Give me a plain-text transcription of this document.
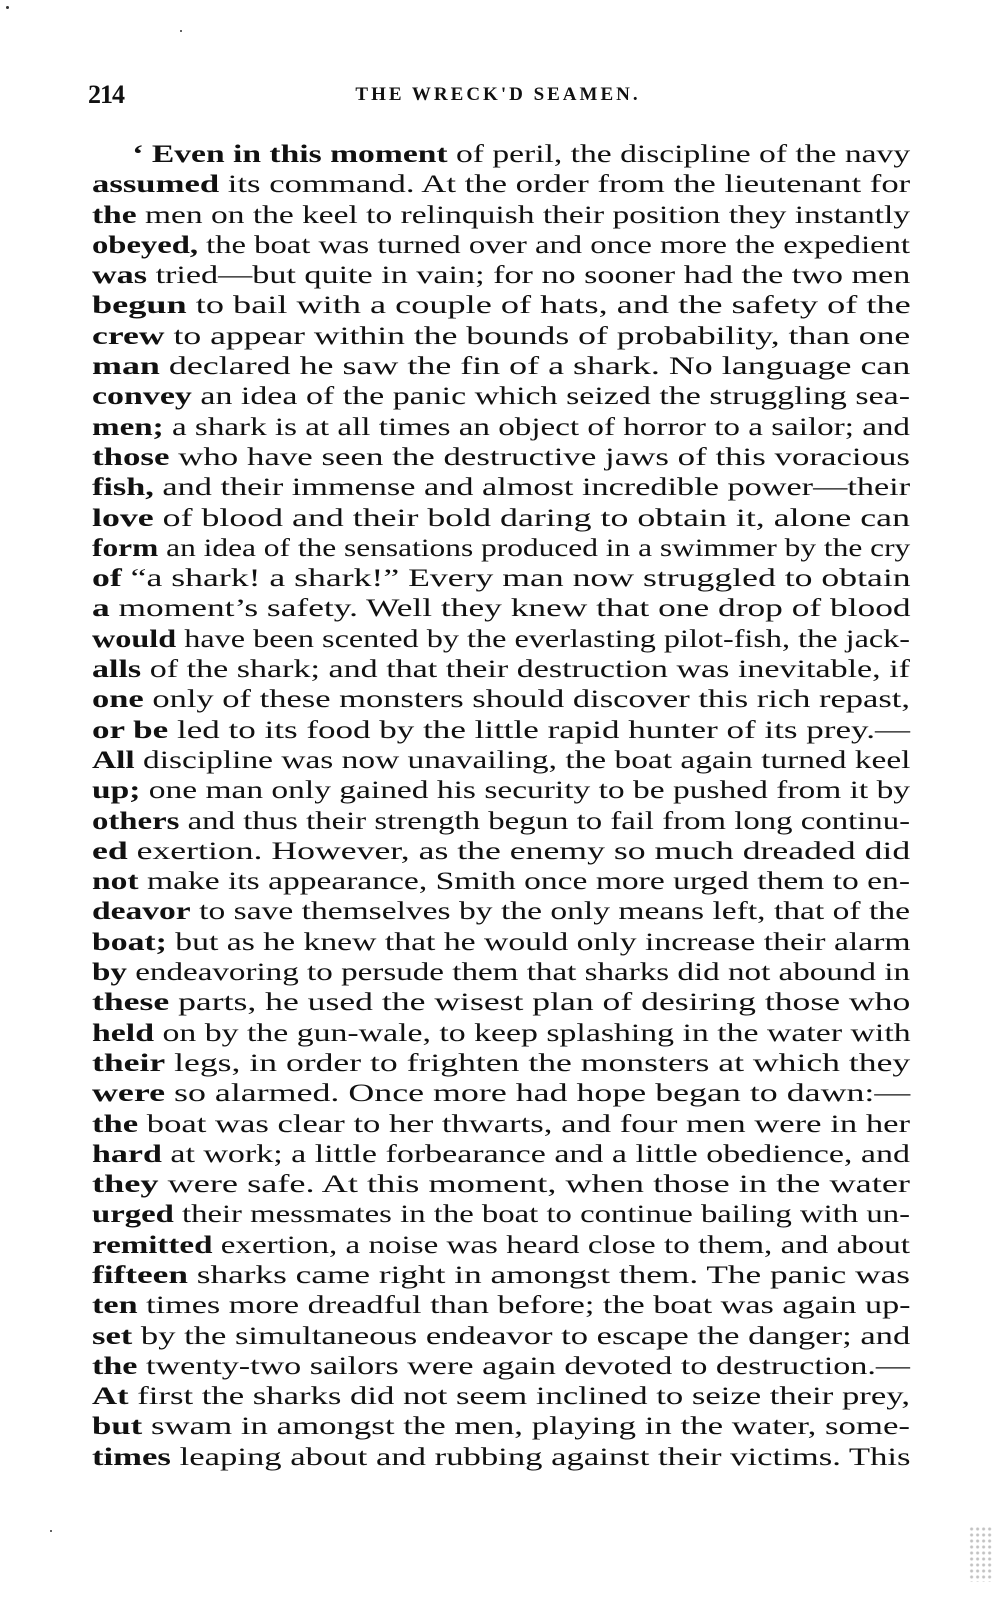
214	THE WRECK'D SEAMEN.
‘ Even in this moment of peril, the discipline of the navy
assumed its command. At the order from the lieutenant for
the men on the keel to relinquish their position they instantly
obeyed, the boat was turned over and once more the expedient
was tried—but quite in vain; for no sooner had the two men
begun to bail with a couple of hats, and the safety of the
crew to appear within the bounds of probability, than one
man declared he saw the fin of a shark. No language can
convey an idea of the panic which seized the struggling sea-
men; a shark is at all times an object of horror to a sailor; and
those who have seen the destructive jaws of this voracious
fish, and their immense and almost incredible power—their
love of blood and their bold daring to obtain it, alone can
form an idea of the sensations produced in a swimmer by the cry
of “a shark! a shark!” Every man now struggled to obtain
a moment’s safety. Well they knew that one drop of blood
would have been scented by the everlasting pilot-fish, the jack-
alls of the shark; and that their destruction was inevitable, if
one only of these monsters should discover this rich repast,
or be led to its food by the little rapid hunter of its prey.—
All discipline was now unavailing, the boat again turned keel
up; one man only gained his security to be pushed from it by
others and thus their strength begun to fail from long continu-
ed exertion. However, as the enemy so much dreaded did
not make its appearance, Smith once more urged them to en-
deavor to save themselves by the only means left, that of the
boat; but as he knew that he would only increase their alarm
by endeavoring to persude them that sharks did not abound in
these parts, he used the wisest plan of desiring those who
held on by the gun-wale, to keep splashing in the water with
their legs, in order to frighten the monsters at which they
were so alarmed. Once more had hope began to dawn:—
the boat was clear to her thwarts, and four men were in her
hard at work; a little forbearance and a little obedience, and
they were safe. At this moment, when those in the water
urged their messmates in the boat to continue bailing with un-
remitted exertion, a noise was heard close to them, and about
fifteen sharks came right in amongst them. The panic was
ten times more dreadful than before; the boat was again up-
set by the simultaneous endeavor to escape the danger; and
the twenty-two sailors were again devoted to destruction.—
At first the sharks did not seem inclined to seize their prey,
but swam in amongst the men, playing in the water, some-
times leaping about and rubbing against their victims. This
